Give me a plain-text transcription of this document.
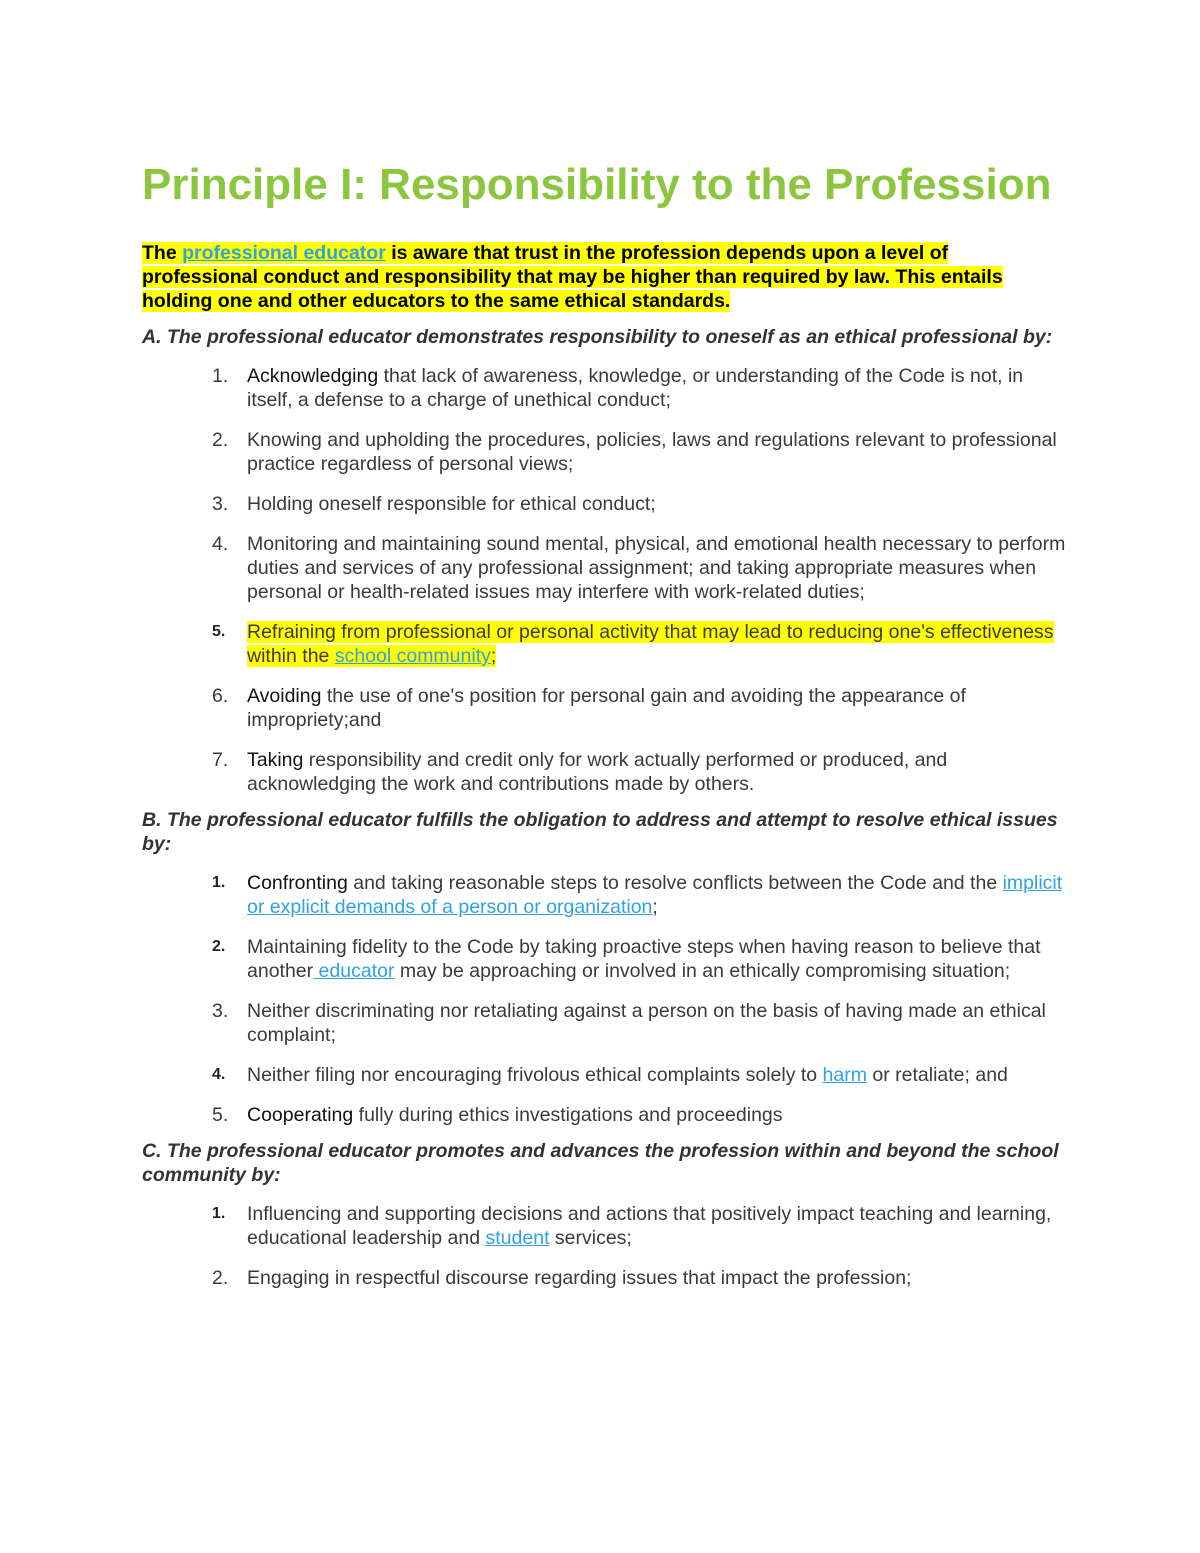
Principle I: Responsibility to the Profession

The professional educator is aware that trust in the profession depends upon a level of professional conduct and responsibility that may be higher than required by law. This entails holding one and other educators to the same ethical standards.

A. The professional educator demonstrates responsibility to oneself as an ethical professional by:

1. Acknowledging that lack of awareness, knowledge, or understanding of the Code is not, in itself, a defense to a charge of unethical conduct;
2. Knowing and upholding the procedures, policies, laws and regulations relevant to professional practice regardless of personal views;
3. Holding oneself responsible for ethical conduct;
4. Monitoring and maintaining sound mental, physical, and emotional health necessary to perform duties and services of any professional assignment; and taking appropriate measures when personal or health-related issues may interfere with work-related duties;
5. Refraining from professional or personal activity that may lead to reducing one's effectiveness within the school community;
6. Avoiding the use of one's position for personal gain and avoiding the appearance of impropriety;and
7. Taking responsibility and credit only for work actually performed or produced, and acknowledging the work and contributions made by others.

B. The professional educator fulfills the obligation to address and attempt to resolve ethical issues by:

1. Confronting and taking reasonable steps to resolve conflicts between the Code and the implicit or explicit demands of a person or organization;
2. Maintaining fidelity to the Code by taking proactive steps when having reason to believe that another educator may be approaching or involved in an ethically compromising situation;
3. Neither discriminating nor retaliating against a person on the basis of having made an ethical complaint;
4. Neither filing nor encouraging frivolous ethical complaints solely to harm or retaliate; and
5. Cooperating fully during ethics investigations and proceedings

C. The professional educator promotes and advances the profession within and beyond the school community by:

1. Influencing and supporting decisions and actions that positively impact teaching and learning, educational leadership and student services;
2. Engaging in respectful discourse regarding issues that impact the profession;
